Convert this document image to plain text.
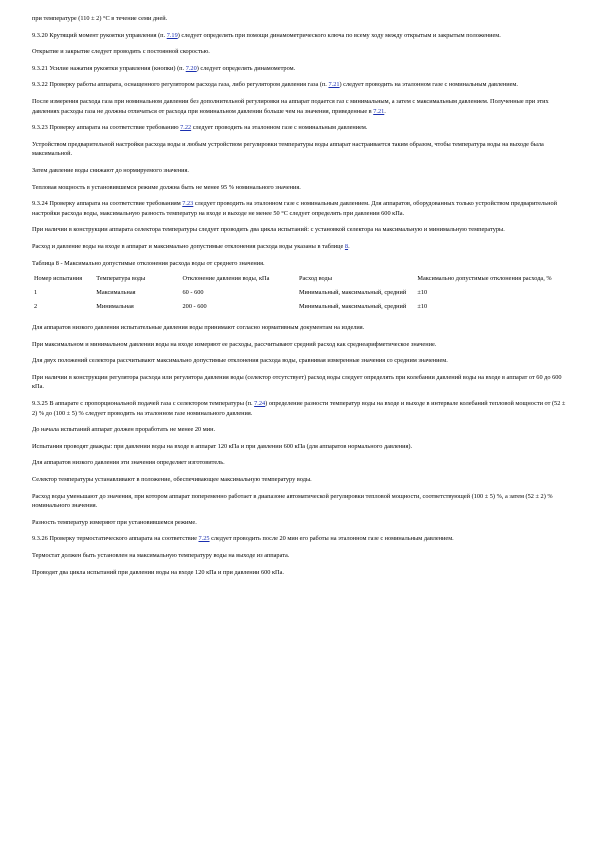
при температуре (110 ± 2) °C в течение семи дней.

9.3.20 Крутящий момент рукоятки управления (п. 7.19) следует определять при помощи динамометрического ключа по всему ходу между открытым и закрытым положением.

Открытие и закрытие следует проводить с постоянной скоростью.

9.3.21 Усилие нажатия рукоятки управления (кнопки) (п. 7.20) следует определять динамометром.

9.3.22 Проверку работы аппарата, оснащенного регулятором расхода газа, либо регулятором давления газа (п. 7.21) следует проводить на эталонном газе с номинальным давлением.

После измерения расхода газа при номинальном давлении без дополнительной регулировки на аппарат подается газ с минимальным, а затем с максимальным давлением. Полученные при этих давлениях расходы газа не должны отличаться от расхода при номинальном давлении больше чем на значения, приведенные в 7.21.

9.3.23 Проверку аппарата на соответствие требованию 7.22 следует проводить на эталонном газе с номинальным давлением.

Устройством предварительной настройки расхода воды и любым устройством регулировки температуры воды аппарат настраивается таким образом, чтобы температура воды на выходе была максимальной.

Затем давление воды снижают до нормируемого значения.

Тепловая мощность в установившемся режиме должна быть не менее 95 % номинального значения.

9.3.24 Проверку аппарата на соответствие требованиям 7.23 следует проводить на эталонном газе с номинальным давлением. Для аппаратов, оборудованных только устройством предварительной настройки расхода воды, максимальную разность температур на входе и выходе не менее 50 °C следует определять при давлении 600 кПа.

При наличии в конструкции аппарата селектора температуры следует проводить два цикла испытаний: с установкой селектора на максимальную и минимальную температуры.

Расход и давление воды на входе в аппарат и максимально допустимые отклонения расхода воды указаны в таблице 8.

Таблица 8 - Максимально допустимые отклонения расхода воды от среднего значения.

Номер испытания	Температура воды	Отклонение давления воды, кПа	Расход воды	Максимально допустимые отклонения расхода, %
1	Максимальная	60 - 600	Минимальный, максимальный, средний	±10
2	Минимальная	200 - 600	Минимальный, максимальный, средний	±10

Для аппаратов низкого давления испытательные давления воды принимают согласно нормативным документам на изделия.

При максимальном и минимальном давлении воды на входе измеряют ее расходы, рассчитывают средний расход как среднеарифметическое значение.

Для двух положений селектора рассчитывают максимально допустимые отклонения расхода воды, сравнивая измеренные значения со средним значением.

При наличии в конструкции регулятора расхода или регулятора давления воды (селектор отсутствует) расход воды следует определять при колебании давлений воды на входе в аппарат от 60 до 600 кПа.

9.3.25 В аппарате с пропорциональной подачей газа с селектором температуры (п. 7.24) определение разности температур воды на входе и выходе в интервале колебаний тепловой мощности от (52 ± 2) % до (100 ± 5) % следует проводить на эталонном газе номинального давления.

До начала испытаний аппарат должен проработать не менее 20 мин.

Испытания проводят дважды: при давлении воды на входе в аппарат 120 кПа и при давлении 600 кПа (для аппаратов нормального давления).

Для аппаратов низкого давления эти значения определяет изготовитель.

Селектор температуры устанавливают в положение, обеспечивающее максимальную температуру воды.

Расход воды уменьшают до значения, при котором аппарат попеременно работает в диапазоне автоматической регулировки тепловой мощности, соответствующей (100 ± 5) %, а затем (52 ± 2) % номинального значения.

Разность температур измеряют при установившемся режиме.

9.3.26 Проверку термостатического аппарата на соответствие 7.25 следует проводить после 20 мин его работы на эталонном газе с номинальным давлением.

Термостат должен быть установлен на максимальную температуру воды на выходе из аппарата.

Проводят два цикла испытаний при давлении воды на входе 120 кПа и при давлении 600 кПа.
